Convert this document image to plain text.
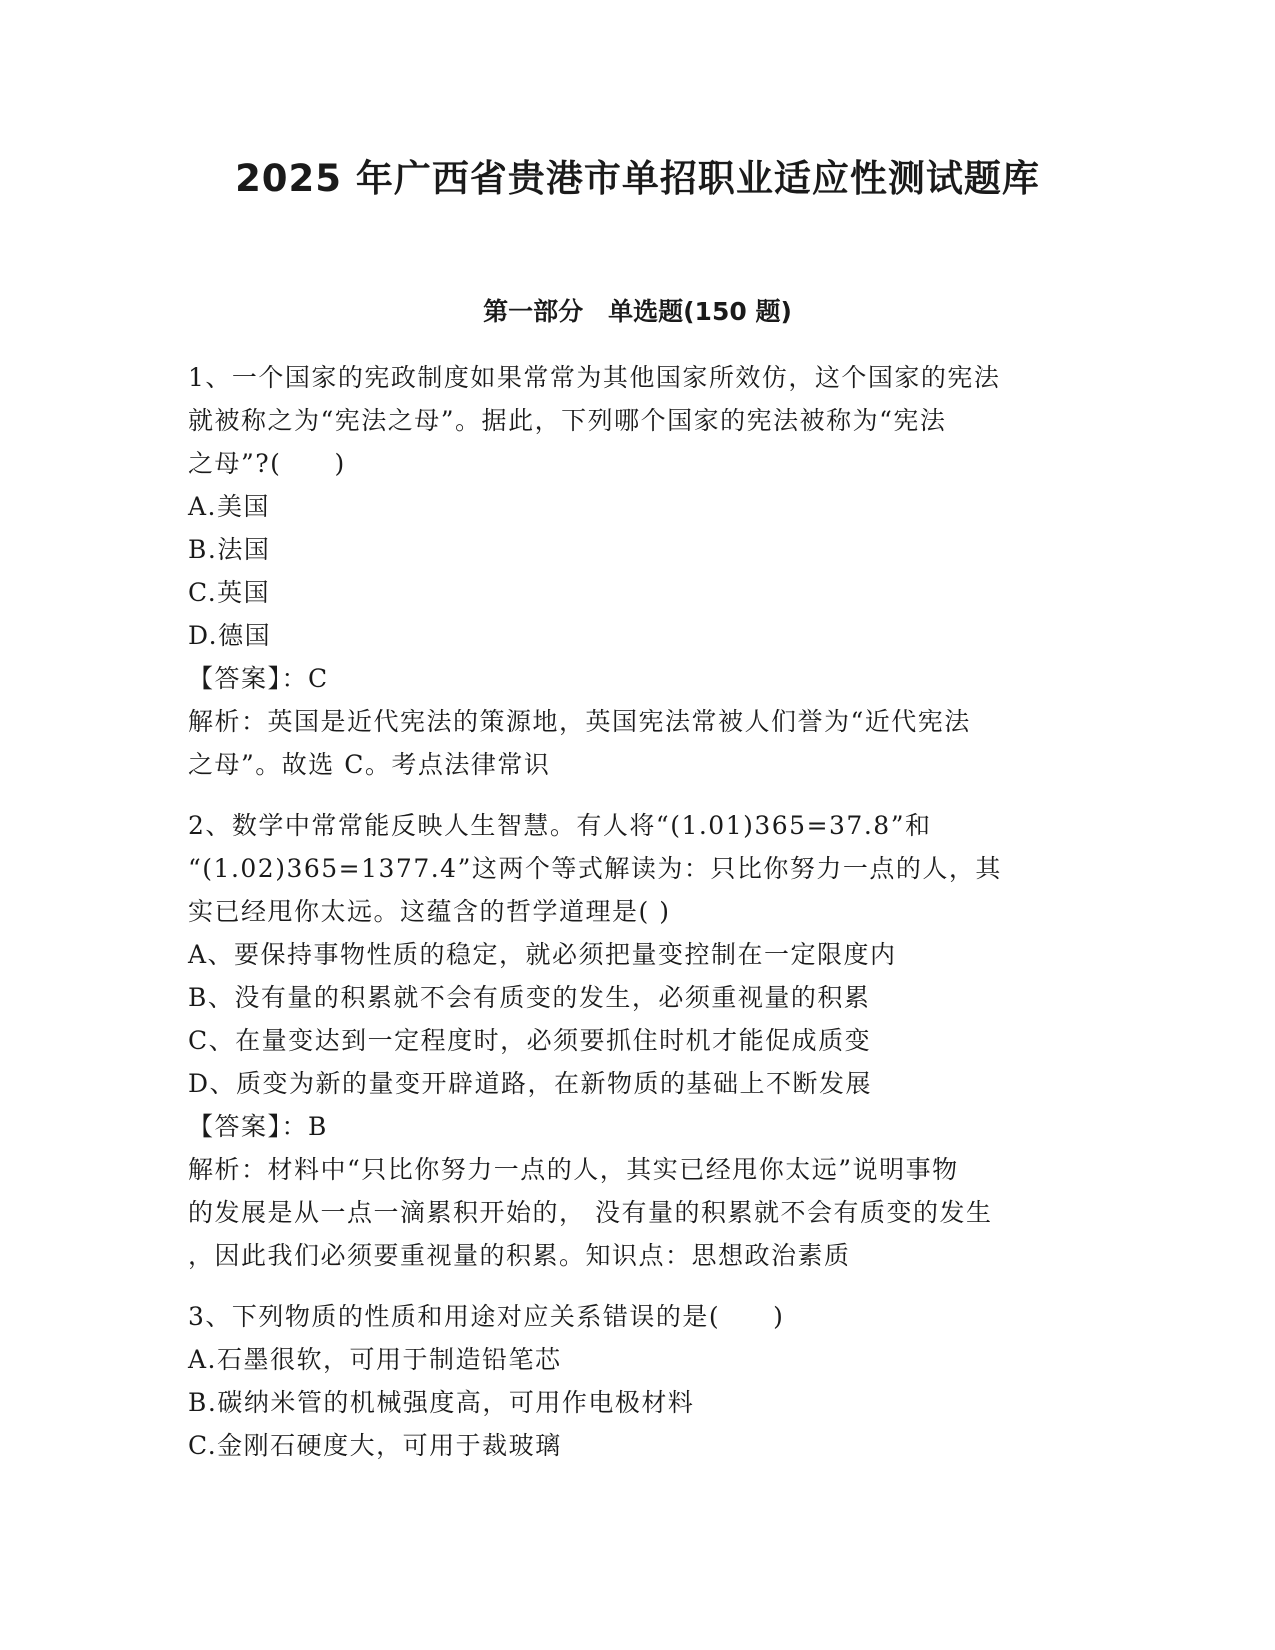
2025 年广西省贵港市单招职业适应性测试题库
第一部分　单选题(150 题)
1、一个国家的宪政制度如果常常为其他国家所效仿，这个国家的宪法
就被称之为“宪法之母”。据此，下列哪个国家的宪法被称为“宪法
之母”?(　　)
A.美国
B.法国
C.英国
D.德国
【答案】：C
解析：英国是近代宪法的策源地，英国宪法常被人们誉为“近代宪法
之母”。故选 C。考点法律常识
2、数学中常常能反映人生智慧。有人将“(1.01)365=37.8”和
“(1.02)365=1377.4”这两个等式解读为：只比你努力一点的人，其
实已经甩你太远。这蕴含的哲学道理是( )
A、要保持事物性质的稳定，就必须把量变控制在一定限度内
B、没有量的积累就不会有质变的发生，必须重视量的积累
C、在量变达到一定程度时，必须要抓住时机才能促成质变
D、质变为新的量变开辟道路，在新物质的基础上不断发展
【答案】：B
解析：材料中“只比你努力一点的人，其实已经甩你太远”说明事物
的发展是从一点一滴累积开始的， 没有量的积累就不会有质变的发生
，因此我们必须要重视量的积累。知识点：思想政治素质
3、下列物质的性质和用途对应关系错误的是(　　)
A.石墨很软，可用于制造铅笔芯
B.碳纳米管的机械强度高，可用作电极材料
C.金刚石硬度大，可用于裁玻璃
